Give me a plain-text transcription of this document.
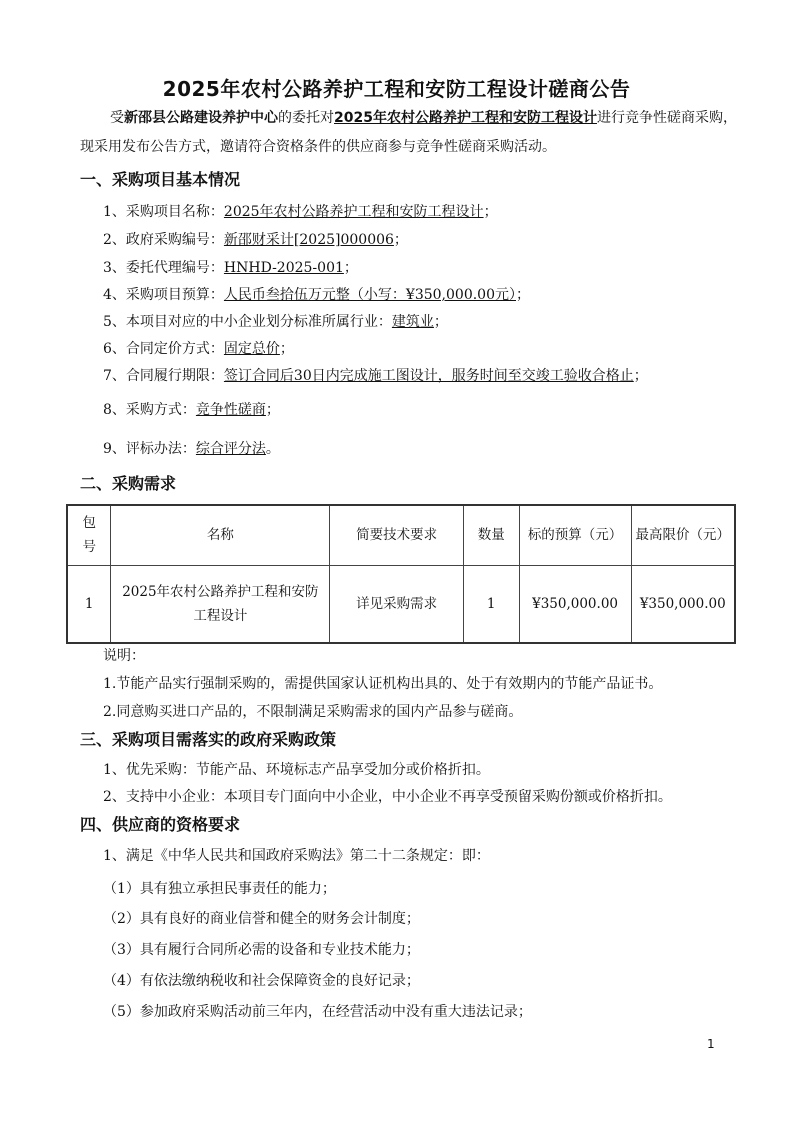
2025年农村公路养护工程和安防工程设计磋商公告
受新邵县公路建设养护中心的委托对2025年农村公路养护工程和安防工程设计进行竞争性磋商采购，
现采用发布公告方式，邀请符合资格条件的供应商参与竞争性磋商采购活动。
一、采购项目基本情况
1、采购项目名称：2025年农村公路养护工程和安防工程设计；
2、政府采购编号：新邵财采计[2025]000006；
3、委托代理编号：HNHD-2025-001；
4、采购项目预算：人民币叁拾伍万元整（小写：¥350,000.00元）；
5、本项目对应的中小企业划分标准所属行业：建筑业；
6、合同定价方式：固定总价；
7、合同履行期限：签订合同后30日内完成施工图设计，服务时间至交竣工验收合格止；
8、采购方式：竞争性磋商；
9、评标办法：综合评分法。
二、采购需求
包
号	名称	简要技术要求	数量	标的预算（元）	最高限价（元）
1	2025年农村公路养护工程和安防
工程设计	详见采购需求	1	¥350,000.00	¥350,000.00
说明：
1.节能产品实行强制采购的，需提供国家认证机构出具的、处于有效期内的节能产品证书。
2.同意购买进口产品的，不限制满足采购需求的国内产品参与磋商。
三、采购项目需落实的政府采购政策
1、优先采购：节能产品、环境标志产品享受加分或价格折扣。
2、支持中小企业：本项目专门面向中小企业，中小企业不再享受预留采购份额或价格折扣。
四、供应商的资格要求
1、满足《中华人民共和国政府采购法》第二十二条规定：即：
（1）具有独立承担民事责任的能力；
（2）具有良好的商业信誉和健全的财务会计制度；
（3）具有履行合同所必需的设备和专业技术能力；
（4）有依法缴纳税收和社会保障资金的良好记录；
（5）参加政府采购活动前三年内，在经营活动中没有重大违法记录；
1
